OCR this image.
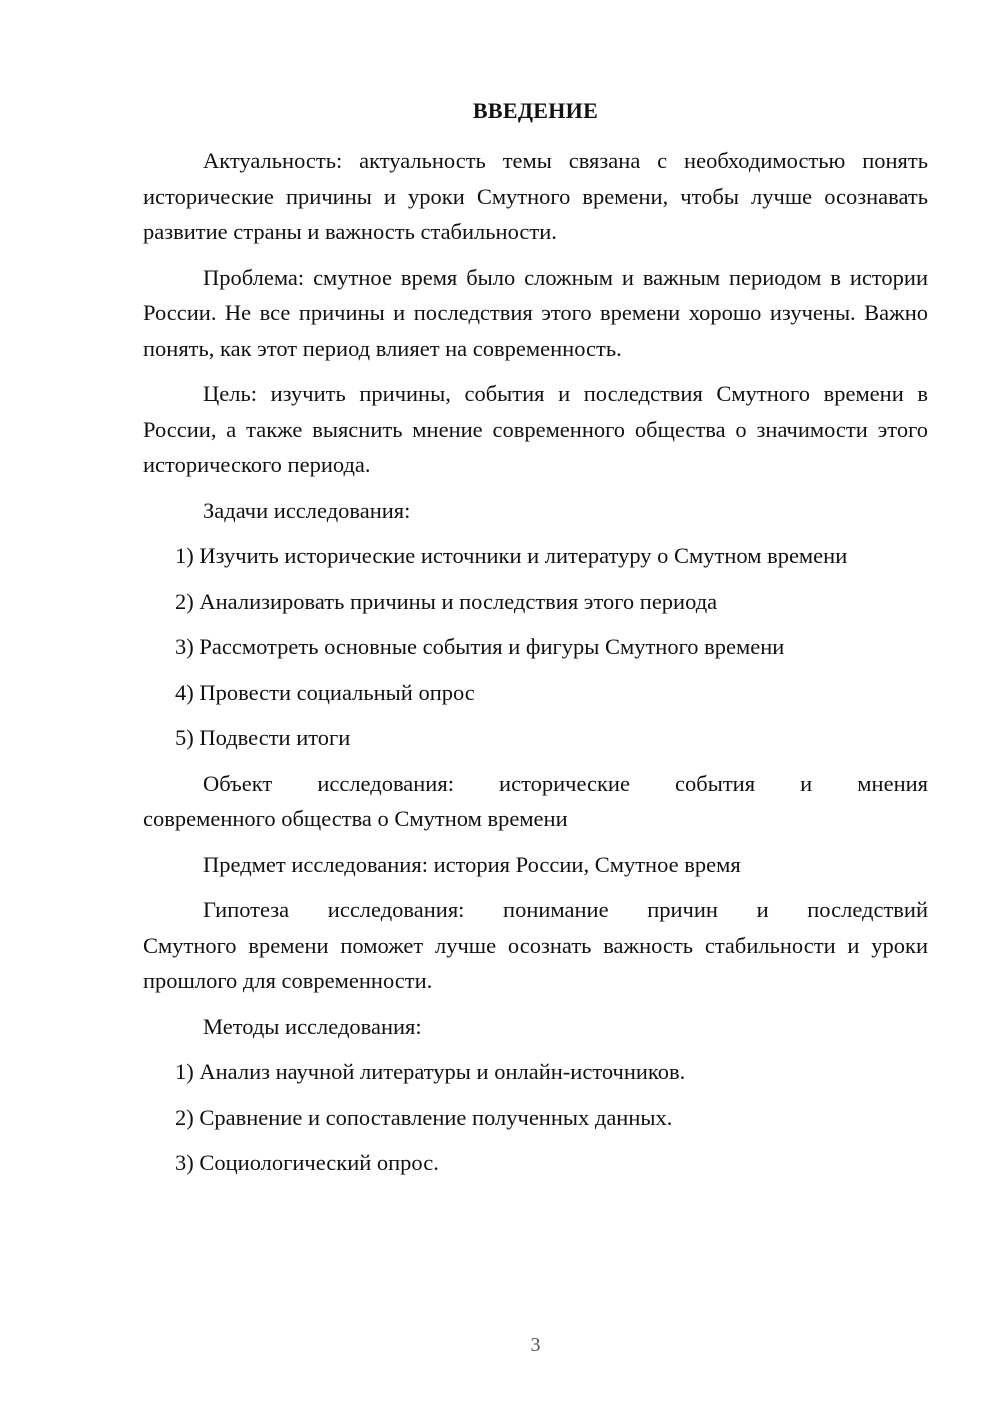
ВВЕДЕНИЕ

Актуальность: актуальность темы связана с необходимостью понять исторические причины и уроки Смутного времени, чтобы лучше осознавать развитие страны и важность стабильности.

Проблема: смутное время было сложным и важным периодом в истории России. Не все причины и последствия этого времени хорошо изучены. Важно понять, как этот период влияет на современность.

Цель: изучить причины, события и последствия Смутного времени в России, а также выяснить мнение современного общества о значимости этого исторического периода.

Задачи исследования:

1) Изучить исторические источники и литературу о Смутном времени
2) Анализировать причины и последствия этого периода
3) Рассмотреть основные события и фигуры Смутного времени
4) Провести социальный опрос
5) Подвести итоги

Объект исследования: исторические события и мнения
современного общества о Смутном времени

Предмет исследования: история России, Смутное время

Гипотеза исследования: понимание причин и последствий
Смутного времени поможет лучше осознать важность стабильности и уроки прошлого для современности.

Методы исследования:

1) Анализ научной литературы и онлайн-источников.
2) Сравнение и сопоставление полученных данных.
3) Социологический опрос.
3
